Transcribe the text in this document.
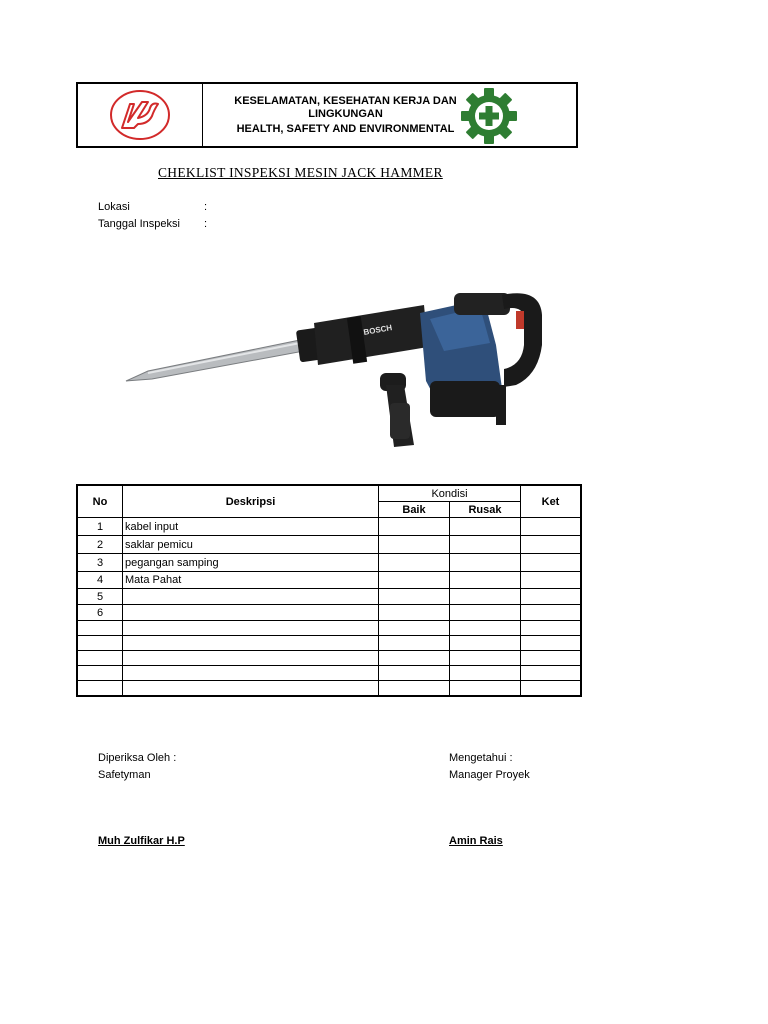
KESELAMATAN, KESEHATAN KERJA DAN
LINGKUNGAN
HEALTH, SAFETY AND ENVIRONMENTAL
CHEKLIST INSPEKSI MESIN JACK HAMMER
Lokasi	:
Tanggal Inspeksi :
BOSCH
No	Deskripsi	Kondisi		Ket
		Baik	Rusak	
1	kabel input			
2	saklar pemicu			
3	pegangan samping			
4	Mata Pahat			
5				
6				

Diperiksa Oleh :
Safetyman
Muh Zulfikar H.P
Mengetahui :
Manager Proyek
Amin Rais
